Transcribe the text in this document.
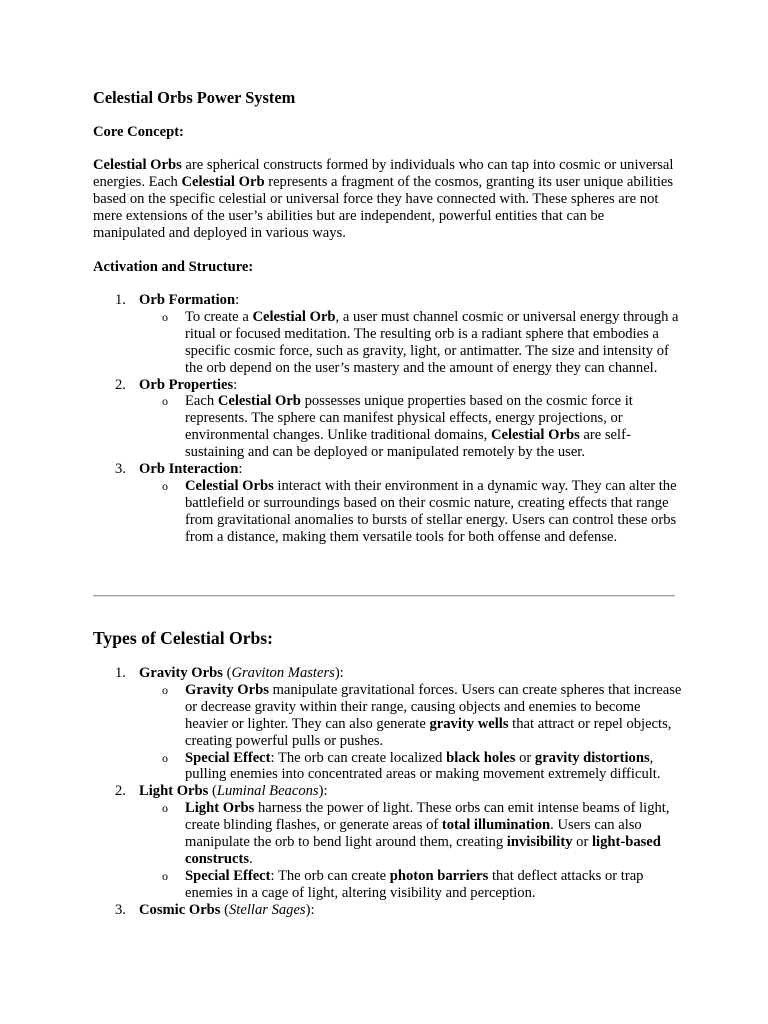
Celestial Orbs Power System
Core Concept:

Celestial Orbs are spherical constructs formed by individuals who can tap into cosmic or universal energies. Each Celestial Orb represents a fragment of the cosmos, granting its user unique abilities based on the specific celestial or universal force they have connected with. These spheres are not mere extensions of the user’s abilities but are independent, powerful entities that can be manipulated and deployed in various ways.

Activation and Structure:
1. Orb Formation:
o To create a Celestial Orb, a user must channel cosmic or universal energy through a ritual or focused meditation. The resulting orb is a radiant sphere that embodies a specific cosmic force, such as gravity, light, or antimatter. The size and intensity of the orb depend on the user’s mastery and the amount of energy they can channel.
2. Orb Properties:
o Each Celestial Orb possesses unique properties based on the cosmic force it represents. The sphere can manifest physical effects, energy projections, or environmental changes. Unlike traditional domains, Celestial Orbs are self-sustaining and can be deployed or manipulated remotely by the user.
3. Orb Interaction:
o Celestial Orbs interact with their environment in a dynamic way. They can alter the battlefield or surroundings based on their cosmic nature, creating effects that range from gravitational anomalies to bursts of stellar energy. Users can control these orbs from a distance, making them versatile tools for both offense and defense.
Types of Celestial Orbs:
1. Gravity Orbs (Graviton Masters):
o Gravity Orbs manipulate gravitational forces. Users can create spheres that increase or decrease gravity within their range, causing objects and enemies to become heavier or lighter. They can also generate gravity wells that attract or repel objects, creating powerful pulls or pushes.
o Special Effect: The orb can create localized black holes or gravity distortions, pulling enemies into concentrated areas or making movement extremely difficult.
2. Light Orbs (Luminal Beacons):
o Light Orbs harness the power of light. These orbs can emit intense beams of light, create blinding flashes, or generate areas of total illumination. Users can also manipulate the orb to bend light around them, creating invisibility or light-based constructs.
o Special Effect: The orb can create photon barriers that deflect attacks or trap enemies in a cage of light, altering visibility and perception.
3. Cosmic Orbs (Stellar Sages):
